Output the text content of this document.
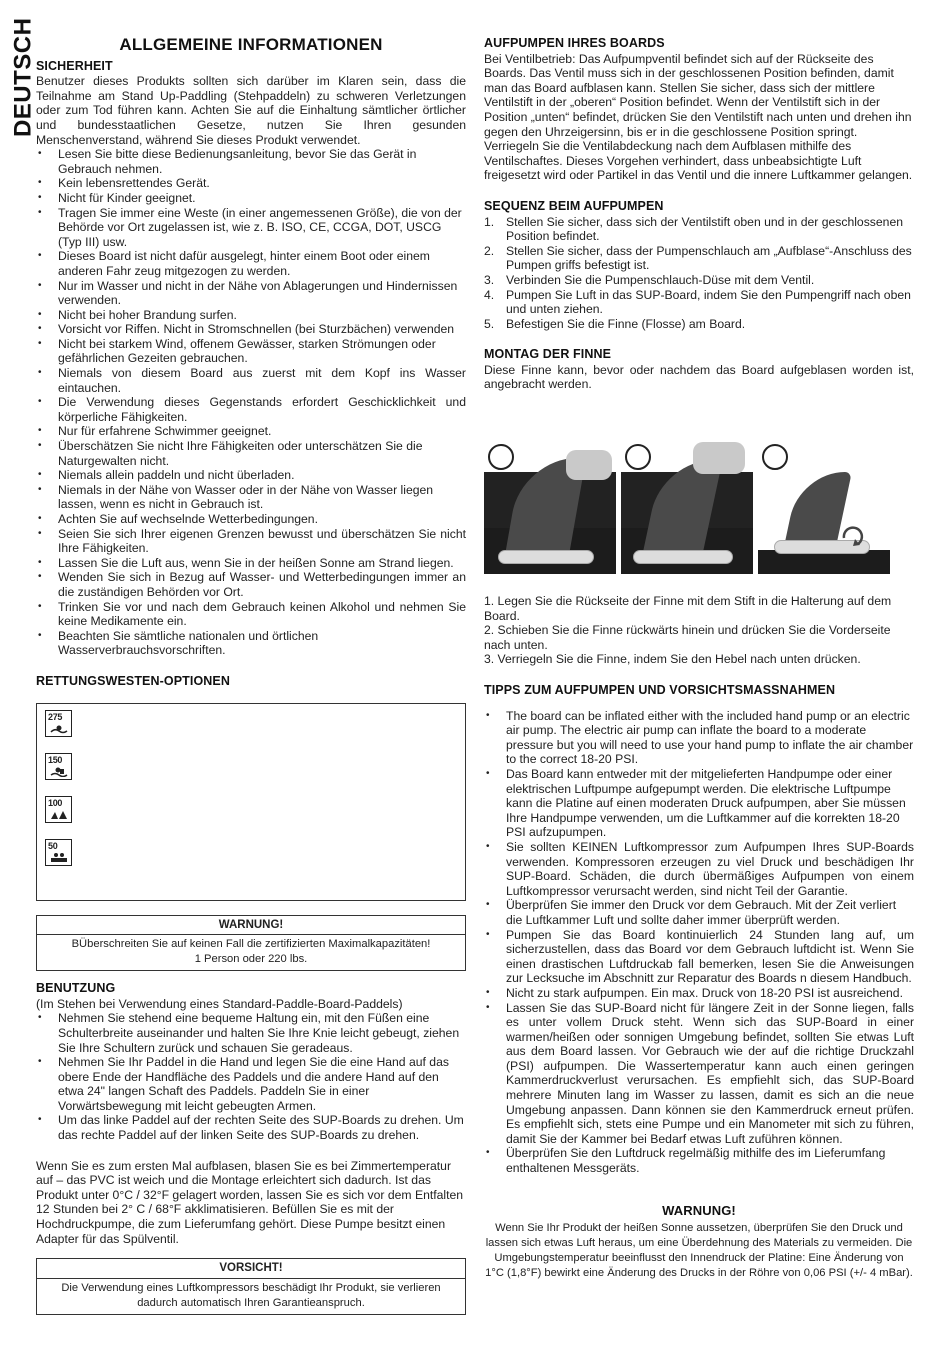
DEUTSCH	ALLGEMEINE INFORMATIONEN
SICHERHEIT

Benutzer dieses Produkts sollten sich darüber im Klaren sein, dass die Teilnahme am Stand Up-Paddling (Stehpaddeln) zu schweren Verletzungen oder zum Tod führen kann. Achten Sie auf die Einhaltung sämtlicher örtlicher und bundesstaatlichen Gesetze, nutzen Sie Ihren gesunden Menschenverstand, während Sie dieses Produkt verwendet.

• Lesen Sie bitte diese Bedienungsanleitung, bevor Sie das Gerät in Gebrauch nehmen.
• Kein lebensrettendes Gerät.
• Nicht für Kinder geeignet.
• Tragen Sie immer eine Weste (in einer angemessenen Größe), die von der Behörde vor Ort zugelassen ist, wie z. B. ISO, CE, CCGA, DOT, USCG (Typ III) usw.
• Dieses Board ist nicht dafür ausgelegt, hinter einem Boot oder einem anderen Fahr zeug mitgezogen zu werden.
• Nur im Wasser und nicht in der Nähe von Ablagerungen und Hindernissen verwenden.
• Nicht bei hoher Brandung surfen.
• Vorsicht vor Riffen. Nicht in Stromschnellen (bei Sturzbächen) verwenden
• Nicht bei starkem Wind, offenem Gewässer, starken Strömungen oder gefährlichen Gezeiten gebrauchen.
• Niemals von diesem Board aus zuerst mit dem Kopf ins Wasser eintauchen.
• Die Verwendung dieses Gegenstands erfordert Geschicklichkeit und körperliche Fähigkeiten.
• Nur für erfahrene Schwimmer geeignet.
• Überschätzen Sie nicht Ihre Fähigkeiten oder unterschätzen Sie die Naturgewalten nicht.
• Niemals allein paddeln und nicht überladen.
• Niemals in der Nähe von Wasser oder in der Nähe von Wasser liegen lassen, wenn es nicht in Gebrauch ist.
• Achten Sie auf wechselnde Wetterbedingungen.
• Seien Sie sich Ihrer eigenen Grenzen bewusst und überschätzen Sie nicht Ihre Fähigkeiten.
• Lassen Sie die Luft aus, wenn Sie in der heißen Sonne am Strand liegen.
• Wenden Sie sich in Bezug auf Wasser- und Wetterbedingungen immer an die zuständigen Behörden vor Ort.
• Trinken Sie vor und nach dem Gebrauch keinen Alkohol und nehmen Sie keine Medikamente ein.
• Beachten Sie sämtliche nationalen und örtlichen Wasserverbrauchsvorschriften.
RETTUNGSWESTEN-OPTIONEN
275
150
100
50
WARNUNG!
BÜberschreiten Sie auf keinen Fall die zertifizierten Maximalkapazitäten!
1 Person oder 220 lbs.
BENUTZUNG

(Im Stehen bei Verwendung eines Standard-Paddle-Board-Paddels)

• Nehmen Sie stehend eine bequeme Haltung ein, mit den Füßen eine Schulterbreite auseinander und halten Sie Ihre Knie leicht gebeugt, ziehen Sie Ihre Schultern zurück und schauen Sie geradeaus.
• Nehmen Sie Ihr Paddel in die Hand und legen Sie die eine Hand auf das obere Ende der Handfläche des Paddels und die andere Hand auf den etwa 24" langen Schaft des Paddels. Paddeln Sie in einer Vorwärtsbewegung mit leicht gebeugten Armen.
• Um das linke Paddel auf der rechten Seite des SUP-Boards zu drehen. Um das rechte Paddel auf der linken Seite des SUP-Boards zu drehen.

Wenn Sie es zum ersten Mal aufblasen, blasen Sie es bei Zimmertemperatur auf – das PVC ist weich und die Montage erleichtert sich dadurch. Ist das Produkt unter 0°C / 32°F gelagert worden, lassen Sie es sich vor dem Entfalten 12 Stunden bei 2° C / 68°F akklimatisieren. Befüllen Sie es mit der Hochdruckpumpe, die zum Lieferumfang gehört. Diese Pumpe besitzt einen Adapter für das Spülventil.

VORSICHT!
Die Verwendung eines Luftkompressors beschädigt Ihr Produkt, sie verlieren dadurch automatisch Ihren Garantieanspruch.
AUFPUMPEN IHRES BOARDS

Bei Ventilbetrieb: Das Aufpumpventil befindet sich auf der Rückseite des Boards. Das Ventil muss sich in der geschlossenen Position befinden, damit man das Board aufblasen kann. Stellen Sie sicher, dass sich der mittlere Ventilstift in der „oberen“ Position befindet. Wenn der Ventilstift sich in der Position „unten“ befindet, drücken Sie den Ventilstift nach unten und drehen ihn gegen den Uhrzeigersinn, bis er in die geschlossene Position springt. Verriegeln Sie die Ventilabdeckung nach dem Aufblasen mithilfe des Ventilschaftes. Dieses Vorgehen verhindert, dass unbeabsichtigte Luft freigesetzt wird oder Partikel in das Ventil und die innere Luftkammer gelangen.

SEQUENZ BEIM AUFPUMPEN
1. Stellen Sie sicher, dass sich der Ventilstift oben und in der geschlossenen Position befindet.
2. Stellen Sie sicher, dass der Pumpenschlauch am „Aufblase“-Anschluss des Pumpen griffs befestigt ist.
3. Verbinden Sie die Pumpenschlauch-Düse mit dem Ventil.
4. Pumpen Sie Luft in das SUP-Board, indem Sie den Pumpengriff nach oben und unten ziehen.
5. Befestigen Sie die Finne (Flosse) am Board.
MONTAG DER FINNE

Diese Finne kann, bevor oder nachdem das Board aufgeblasen worden ist, angebracht werden.

1. Legen Sie die Rückseite der Finne mit dem Stift in die Halterung auf dem Board.

2. Schieben Sie die Finne rückwärts hinein und drücken Sie die Vorderseite nach unten.

3. Verriegeln Sie die Finne, indem Sie den Hebel nach unten drücken.

TIPPS ZUM AUFPUMPEN UND VORSICHTSMASSNAHMEN
• The board can be inflated either with the included hand pump or an electric air pump. The electric air pump can inflate the board to a moderate pressure but you will need to use your hand pump to inflate the air chamber to the correct 18-20 PSI.
• Das Board kann entweder mit der mitgelieferten Handpumpe oder einer elektrischen Luftpumpe aufgepumpt werden. Die elektrische Luftpumpe kann die Platine auf einen moderaten Druck aufpumpen, aber Sie müssen Ihre Handpumpe verwenden, um die Luftkammer auf die korrekten 18-20 PSI aufzupumpen.
• Sie sollten KEINEN Luftkompressor zum Aufpumpen Ihres SUP-Boards verwenden. Kompressoren erzeugen zu viel Druck und beschädigen Ihr SUP-Board. Schäden, die durch übermäßiges Aufpumpen von einem Luftkompressor verursacht werden, sind nicht Teil der Garantie.
• Überprüfen Sie immer den Druck vor dem Gebrauch. Mit der Zeit verliert die Luftkammer Luft und sollte daher immer überprüft werden.
• Pumpen Sie das Board kontinuierlich 24 Stunden lang auf, um sicherzustellen, dass das Board vor dem Gebrauch luftdicht ist. Wenn Sie einen drastischen Luftdruckab fall bemerken, lesen Sie die Anweisungen zur Lecksuche im Abschnitt zur Reparatur des Boards n diesem Handbuch.
• Nicht zu stark aufpumpen. Ein max. Druck von 18-20 PSI ist ausreichend.
• Lassen Sie das SUP-Board nicht für längere Zeit in der Sonne liegen, falls es unter vollem Druck steht. Wenn sich das SUP-Board in einer warmen/heißen oder sonnigen Umgebung befindet, sollten Sie etwas Luft aus dem Board lassen. Vor Gebrauch wie der auf die richtige Druckzahl (PSI) aufpumpen. Die Wassertemperatur kann auch einen geringen Kammerdruckverlust verursachen. Es empfiehlt sich, das SUP-Board mehrere Minuten lang im Wasser zu lassen, damit es sich an die neue Umgebung anpassen. Dann können sie den Kammerdruck erneut prüfen. Es empfiehlt sich, stets eine Pumpe und ein Manometer mit sich zu führen, damit Sie der Kammer bei Bedarf etwas Luft zuführen können.
• Überprüfen Sie den Luftdruck regelmäßig mithilfe des im Lieferumfang enthaltenen Messgeräts.
WARNUNG!

Wenn Sie Ihr Produkt der heißen Sonne aussetzen, überprüfen Sie den Druck und lassen sich etwas Luft heraus, um eine Überdehnung des Materials zu vermeiden. Die Umgebungstemperatur beeinflusst den Innendruck der Platine: Eine Änderung von 1°C (1,8°F) bewirkt eine Änderung des Drucks in der Röhre von 0,06 PSI (+/- 4 mBar).
